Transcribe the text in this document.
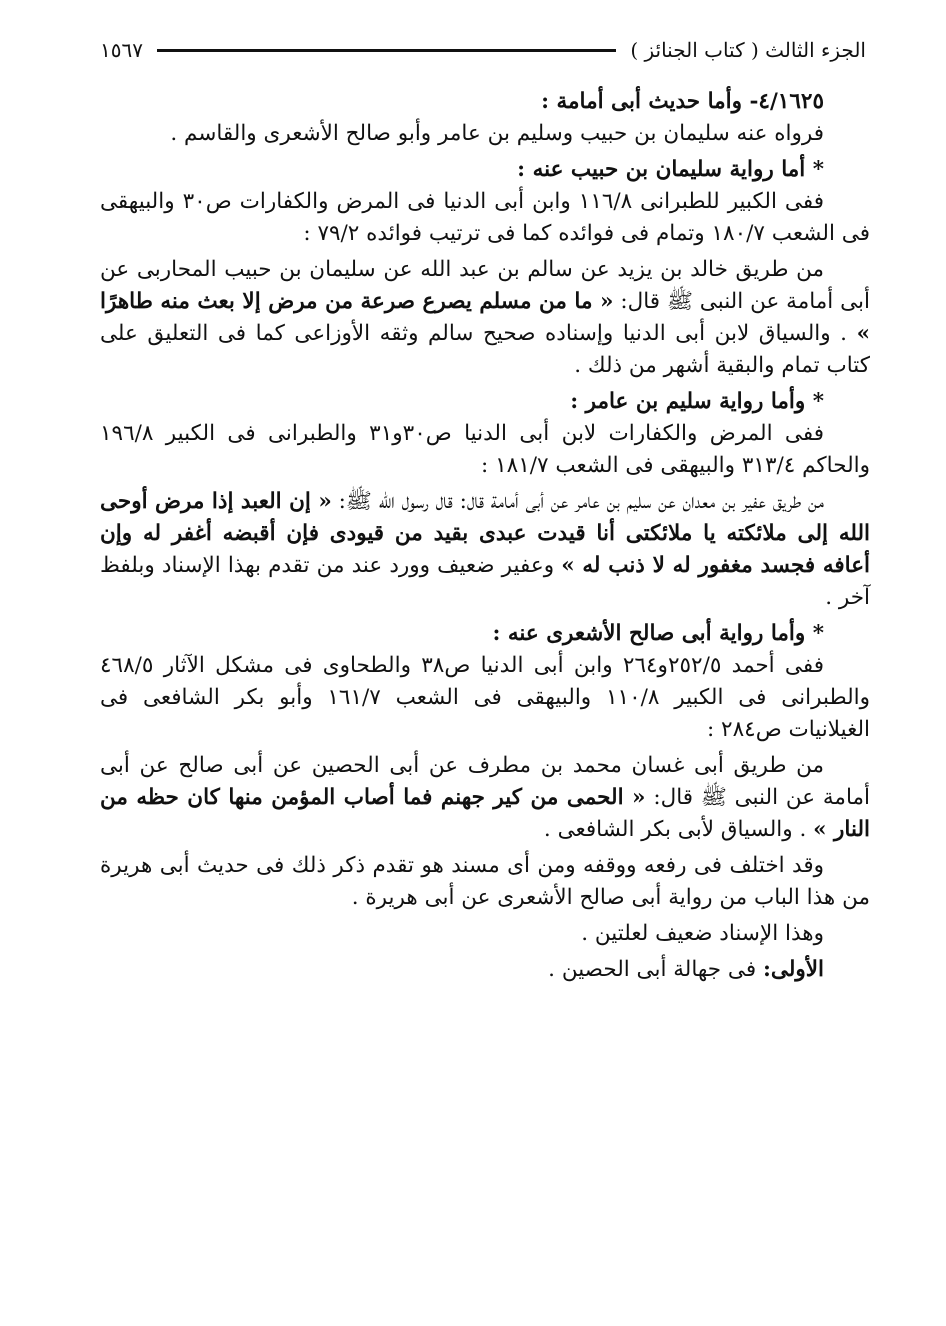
الجزء الثالث ( كتاب الجنائز )
١٥٦٧

٤/١٦٢٥- وأما حديث أبى أمامة :

فرواه عنه سليمان بن حبيب وسليم بن عامر وأبو صالح الأشعرى والقاسم .

* أما رواية سليمان بن حبيب عنه :

ففى الكبير للطبرانى ١١٦/٨ وابن أبى الدنيا فى المرض والكفارات ص٣٠ والبيهقى فى الشعب ١٨٠/٧ وتمام فى فوائده كما فى ترتيب فوائده ٧٩/٢ :

من طريق خالد بن يزيد عن سالم بن عبد الله عن سليمان بن حبيب المحاربى عن أبى أمامة عن النبى ﷺ قال: « ما من مسلم يصرع صرعة من مرض إلا بعث منه طاهرًا » . والسياق لابن أبى الدنيا وإسناده صحيح سالم وثقه الأوزاعى كما فى التعليق على كتاب تمام والبقية أشهر من ذلك .

* وأما رواية سليم بن عامر :

ففى المرض والكفارات لابن أبى الدنيا ص٣٠و٣١ والطبرانى فى الكبير ١٩٦/٨ والحاكم ٣١٣/٤ والبيهقى فى الشعب ١٨١/٧ :

من طريق عفير بن معدان عن سليم بن عامر عن أبى أمامة قال: قال رسول الله ﷺ: « إن العبد إذا مرض أوحى الله إلى ملائكته يا ملائكتى أنا قيدت عبدى بقيد من قيودى فإن أقبضه أغفر له وإن أعافه فجسد مغفور له لا ذنب له » وعفير ضعيف وورد عند من تقدم بهذا الإسناد وبلفظ آخر .

* وأما رواية أبى صالح الأشعرى عنه :

ففى أحمد ٢٥٢/٥و٢٦٤ وابن أبى الدنيا ص٣٨ والطحاوى فى مشكل الآثار ٤٦٨/٥ والطبرانى فى الكبير ١١٠/٨ والبيهقى فى الشعب ١٦١/٧ وأبو بكر الشافعى فى الغيلانيات ص٢٨٤ :

من طريق أبى غسان محمد بن مطرف عن أبى الحصين عن أبى صالح عن أبى أمامة عن النبى ﷺ قال: « الحمى من كير جهنم فما أصاب المؤمن منها كان حظه من النار » . والسياق لأبى بكر الشافعى .

وقد اختلف فى رفعه ووقفه ومن أى مسند هو تقدم ذكر ذلك فى حديث أبى هريرة من هذا الباب من رواية أبى صالح الأشعرى عن أبى هريرة .

وهذا الإسناد ضعيف لعلتين .

الأولى: فى جهالة أبى الحصين .
